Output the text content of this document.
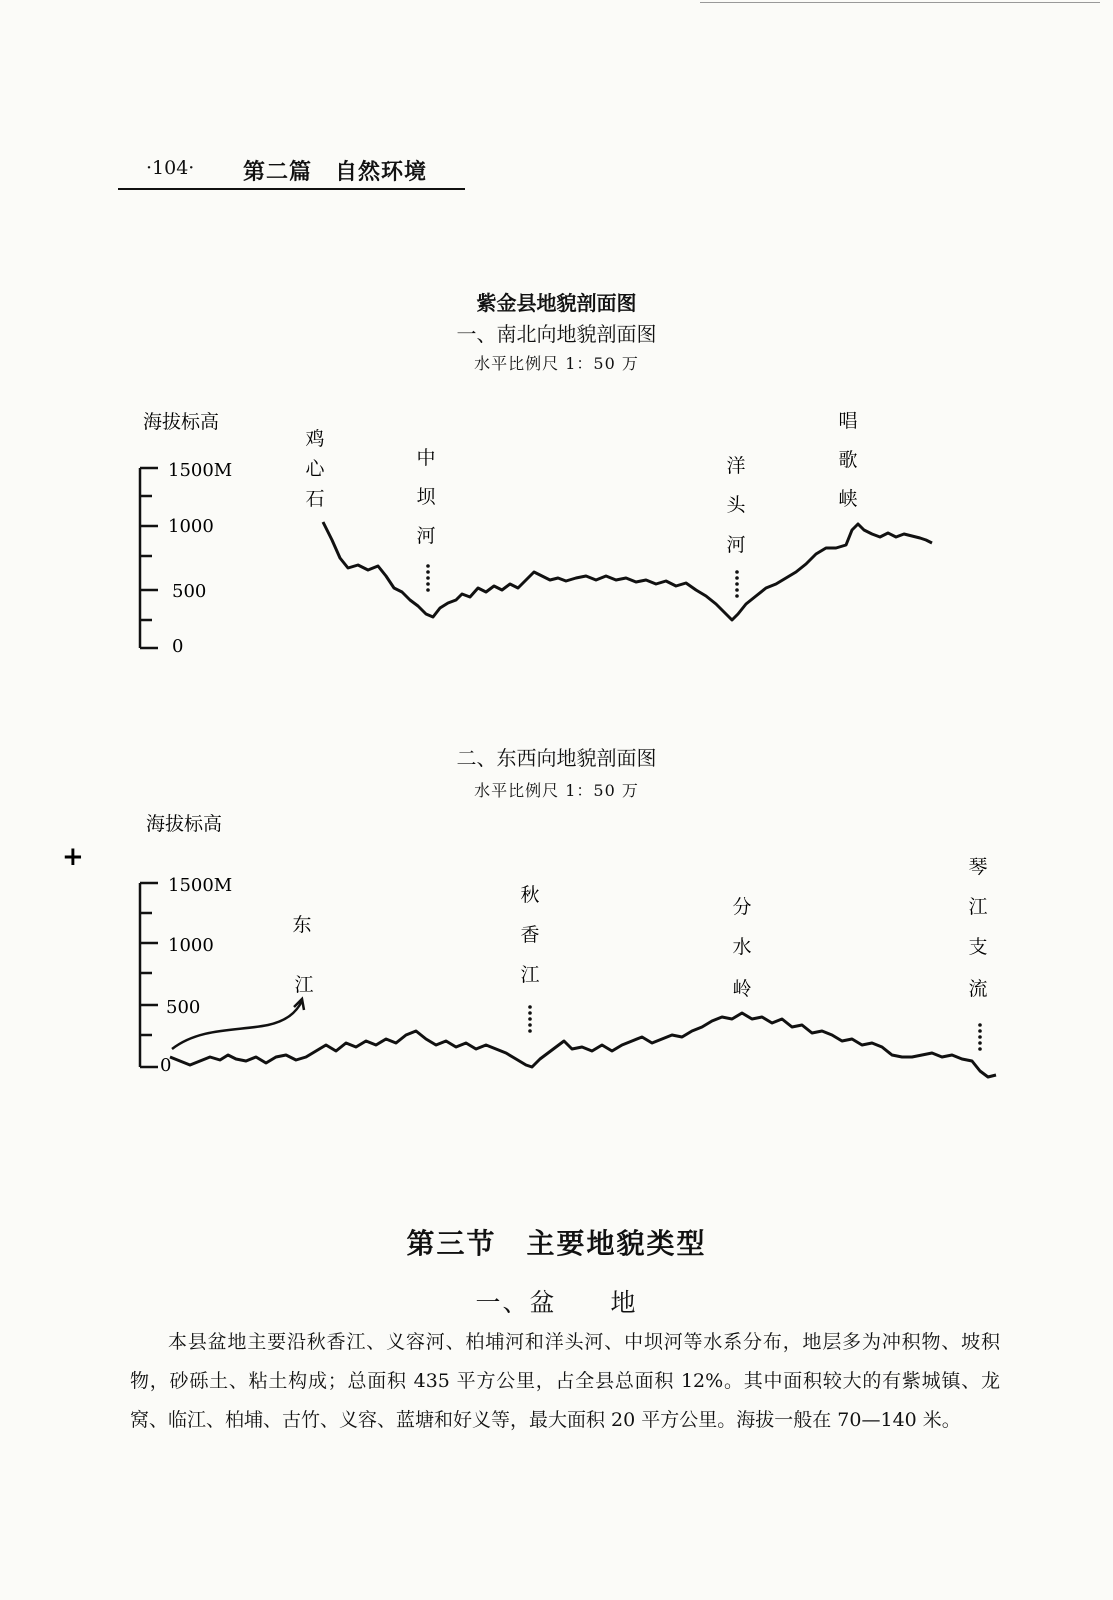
·104· 第二篇　自然环境
紫金县地貌剖面图
一、南北向地貌剖面图
水平比例尺 1：50 万
海拔标高
1500M
1000
500
0
鸡
心
石
中
坝
河
洋
头
河
唱
歌
峡
二、东西向地貌剖面图
水平比例尺 1：50 万
海拔标高
+
1500M
1000
500
0
东
江
秋
香
江
分
水
岭
琴
江
支
流
第三节　主要地貌类型
一、盆　　地
本县盆地主要沿秋香江、义容河、柏埔河和洋头河、中坝河等水系分布，地层多为冲积物、坡积物，砂砾土、粘土构成；总面积 435 平方公里，占全县总面积 12%。其中面积较大的有紫城镇、龙窝、临江、柏埔、古竹、义容、蓝塘和好义等，最大面积 20 平方公里。海拔一般在 70—140 米。
